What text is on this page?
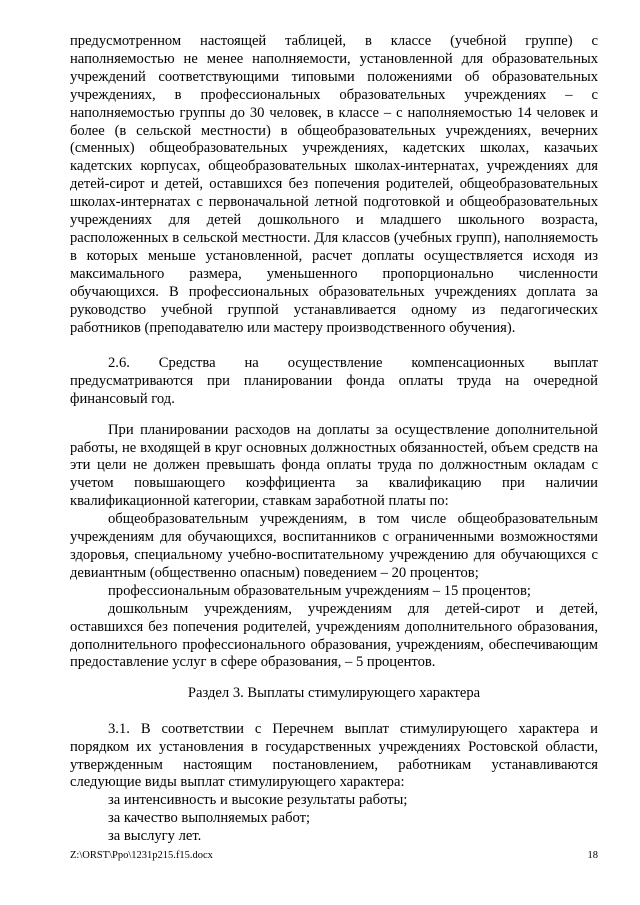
предусмотренном настоящей таблицей, в классе (учебной группе) с наполняемостью не менее наполняемости, установленной для образовательных учреждений соответствующими типовыми положениями об образовательных учреждениях, в профессиональных образовательных учреждениях – с наполняемостью группы до 30 человек, в классе – с наполняемостью 14 человек и более (в сельской местности) в общеобразовательных учреждениях, вечерних (сменных) общеобразовательных учреждениях, кадетских школах, казачьих кадетских корпусах, общеобразовательных школах-интернатах, учреждениях для детей-сирот и детей, оставшихся без попечения родителей, общеобразовательных школах-интернатах с первоначальной летной подготовкой и общеобразовательных учреждениях для детей дошкольного и младшего школьного возраста, расположенных в сельской местности. Для классов (учебных групп), наполняемость в которых меньше установленной, расчет доплаты осуществляется исходя из максимального размера, уменьшенного пропорционально численности обучающихся. В профессиональных образовательных учреждениях доплата за руководство учебной группой устанавливается одному из педагогических работников (преподавателю или мастеру производственного обучения).

2.6. Средства на осуществление компенсационных выплат предусматриваются при планировании фонда оплаты труда на очередной финансовый год.

При планировании расходов на доплаты за осуществление дополнительной работы, не входящей в круг основных должностных обязанностей, объем средств на эти цели не должен превышать фонда оплаты труда по должностным окладам с учетом повышающего коэффициента за квалификацию при наличии квалификационной категории, ставкам заработной платы по:

общеобразовательным учреждениям, в том числе общеобразовательным учреждениям для обучающихся, воспитанников с ограниченными возможностями здоровья, специальному учебно-воспитательному учреждению для обучающихся с девиантным (общественно опасным) поведением – 20 процентов;

профессиональным образовательным учреждениям – 15 процентов;

дошкольным учреждениям, учреждениям для детей-сирот и детей, оставшихся без попечения родителей, учреждениям дополнительного образования, дополнительного профессионального образования, учреждениям, обеспечивающим предоставление услуг в сфере образования, – 5 процентов.

Раздел 3. Выплаты стимулирующего характера

3.1. В соответствии с Перечнем выплат стимулирующего характера и порядком их установления в государственных учреждениях Ростовской области, утвержденным настоящим постановлением, работникам устанавливаются следующие виды выплат стимулирующего характера:

за интенсивность и высокие результаты работы;

за качество выполняемых работ;

за выслугу лет.

Z:\ORST\Ppo\1231p215.f15.docx	18
